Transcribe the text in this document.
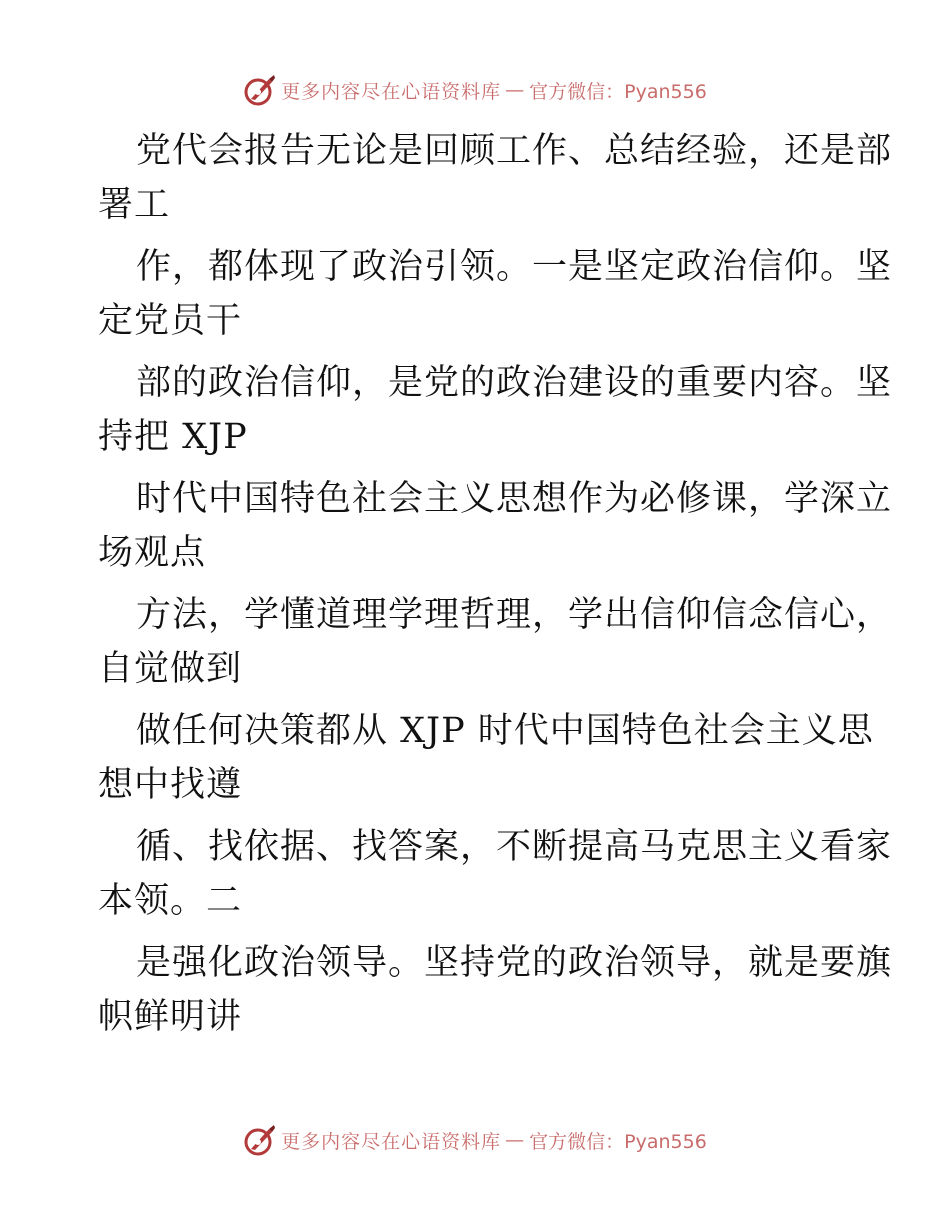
更多内容尽在心语资料库 — 官方微信：Pyan556
党代会报告无论是回顾工作、总结经验，还是部
署工
作，都体现了政治引领。一是坚定政治信仰。坚
定党员干
部的政治信仰，是党的政治建设的重要内容。坚
持把 XJP
时代中国特色社会主义思想作为必修课，学深立
场观点
方法，学懂道理学理哲理，学出信仰信念信心，
自觉做到
做任何决策都从 XJP 时代中国特色社会主义思
想中找遵
循、找依据、找答案，不断提高马克思主义看家
本领。二
是强化政治领导。坚持党的政治领导，就是要旗
帜鲜明讲
更多内容尽在心语资料库 — 官方微信：Pyan556
